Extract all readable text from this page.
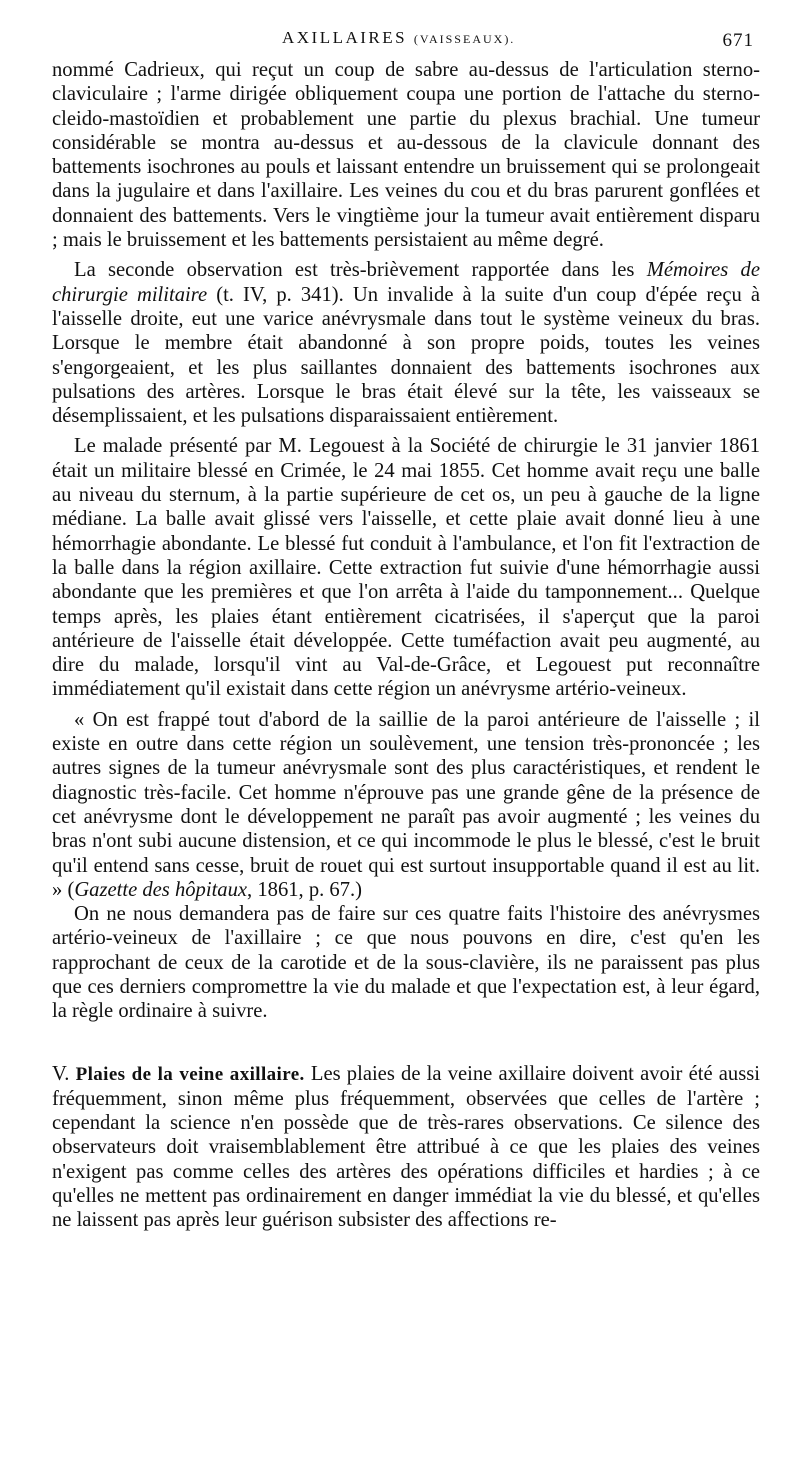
AXILLAIRES (VAISSEAUX).	671

nommé Cadrieux, qui reçut un coup de sabre au-dessus de l'articulation sterno-claviculaire ; l'arme dirigée obliquement coupa une portion de l'attache du sterno-cleido-mastoïdien et probablement une partie du plexus brachial. Une tumeur considérable se montra au-dessus et au-dessous de la clavicule donnant des battements isochrones au pouls et laissant entendre un bruissement qui se prolongeait dans la jugulaire et dans l'axillaire. Les veines du cou et du bras parurent gonflées et donnaient des battements. Vers le vingtième jour la tumeur avait entièrement disparu ; mais le bruissement et les battements persistaient au même degré.

La seconde observation est très-brièvement rapportée dans les Mémoires de chirurgie militaire (t. IV, p. 341). Un invalide à la suite d'un coup d'épée reçu à l'aisselle droite, eut une varice anévrysmale dans tout le système veineux du bras. Lorsque le membre était abandonné à son propre poids, toutes les veines s'engorgeaient, et les plus saillantes donnaient des battements isochrones aux pulsations des artères. Lorsque le bras était élevé sur la tête, les vaisseaux se désemplissaient, et les pulsations disparaissaient entièrement.

Le malade présenté par M. Legouest à la Société de chirurgie le 31 janvier 1861 était un militaire blessé en Crimée, le 24 mai 1855. Cet homme avait reçu une balle au niveau du sternum, à la partie supérieure de cet os, un peu à gauche de la ligne médiane. La balle avait glissé vers l'aisselle, et cette plaie avait donné lieu à une hémorrhagie abondante. Le blessé fut conduit à l'ambulance, et l'on fit l'extraction de la balle dans la région axillaire. Cette extraction fut suivie d'une hémorrhagie aussi abondante que les premières et que l'on arrêta à l'aide du tamponnement... Quelque temps après, les plaies étant entièrement cicatrisées, il s'aperçut que la paroi antérieure de l'aisselle était développée. Cette tuméfaction avait peu augmenté, au dire du malade, lorsqu'il vint au Val-de-Grâce, et Legouest put reconnaître immédiatement qu'il existait dans cette région un anévrysme artério-veineux.

« On est frappé tout d'abord de la saillie de la paroi antérieure de l'aisselle ; il existe en outre dans cette région un soulèvement, une tension très-prononcée ; les autres signes de la tumeur anévrysmale sont des plus caractéristiques, et rendent le diagnostic très-facile. Cet homme n'éprouve pas une grande gêne de la présence de cet anévrysme dont le développement ne paraît pas avoir augmenté ; les veines du bras n'ont subi aucune distension, et ce qui incommode le plus le blessé, c'est le bruit qu'il entend sans cesse, bruit de rouet qui est surtout insupportable quand il est au lit. » (Gazette des hôpitaux, 1861, p. 67.)

On ne nous demandera pas de faire sur ces quatre faits l'histoire des anévrysmes artério-veineux de l'axillaire ; ce que nous pouvons en dire, c'est qu'en les rapprochant de ceux de la carotide et de la sous-clavière, ils ne paraissent pas plus que ces derniers compromettre la vie du malade et que l'expectation est, à leur égard, la règle ordinaire à suivre.

V. Plaies de la veine axillaire. Les plaies de la veine axillaire doivent avoir été aussi fréquemment, sinon même plus fréquemment, observées que celles de l'artère ; cependant la science n'en possède que de très-rares observations. Ce silence des observateurs doit vraisemblablement être attribué à ce que les plaies des veines n'exigent pas comme celles des artères des opérations difficiles et hardies ; à ce qu'elles ne mettent pas ordinairement en danger immédiat la vie du blessé, et qu'elles ne laissent pas après leur guérison subsister des affections re-
